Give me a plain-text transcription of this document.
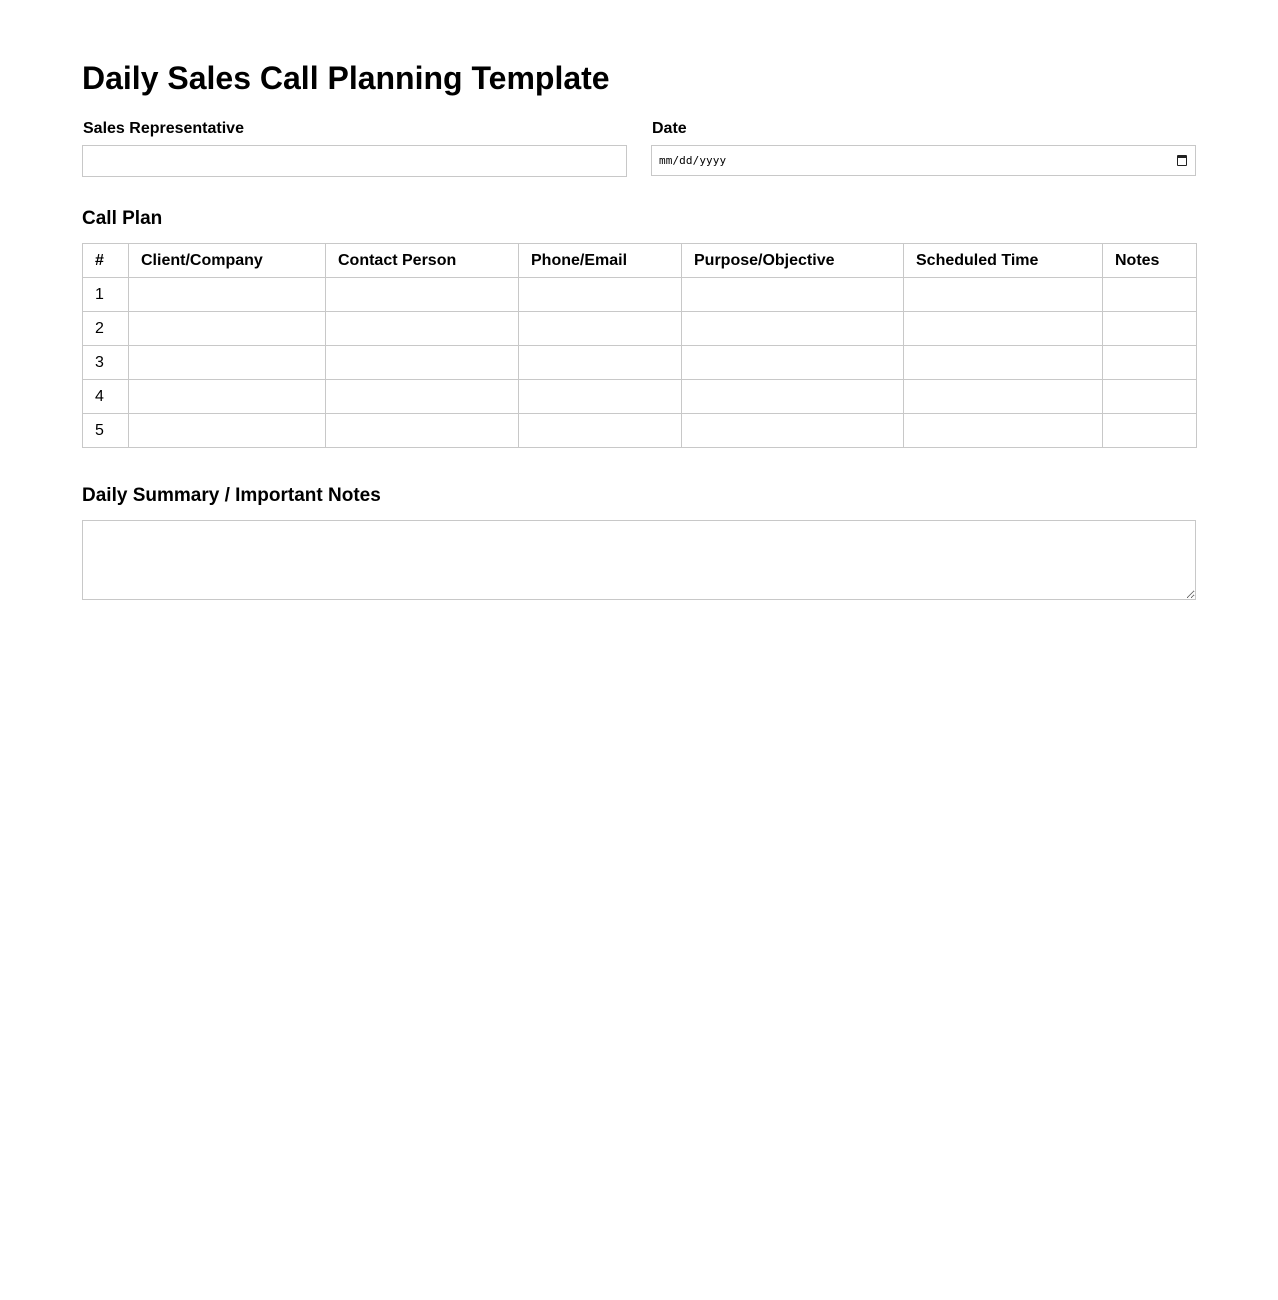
Daily Sales Call Planning Template
Sales Representative	Date
mm/dd/yyyy
Call Plan
#	Client/Company	Contact Person	Phone/Email	Purpose/Objective	Scheduled Time	Notes
1						
2						
3						
4						
5						
Daily Summary / Important Notes
